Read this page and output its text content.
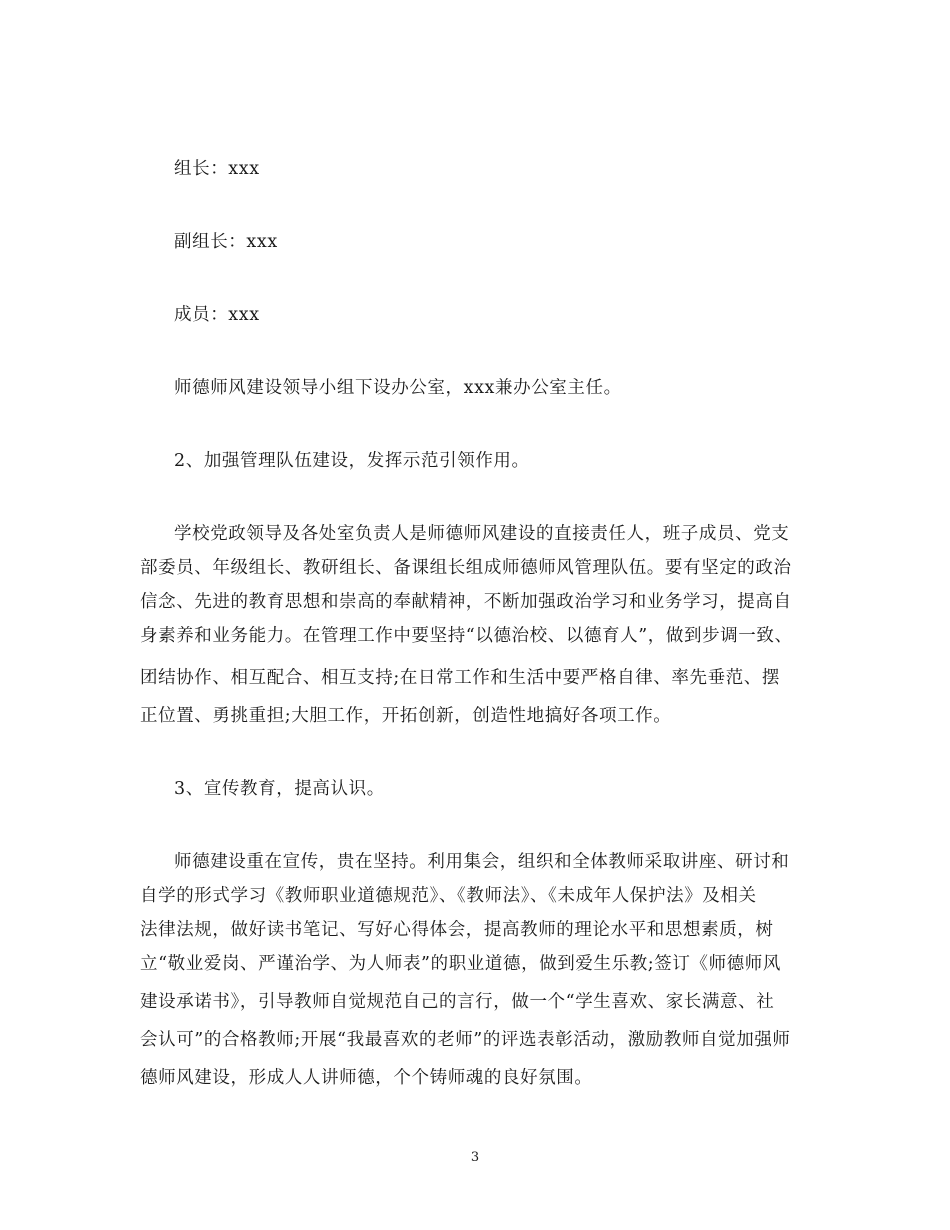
组长：xxx
副组长：xxx
成员：xxx
师德师风建设领导小组下设办公室，xxx兼办公室主任。
2、加强管理队伍建设，发挥示范引领作用。
学校党政领导及各处室负责人是师德师风建设的直接责任人，班子成员、党支
部委员、年级组长、教研组长、备课组长组成师德师风管理队伍。要有坚定的政治
信念、先进的教育思想和崇高的奉献精神，不断加强政治学习和业务学习，提高自
身素养和业务能力。在管理工作中要坚持“以德治校、以德育人”，做到步调一致、
团结协作、相互配合、相互支持;在日常工作和生活中要严格自律、率先垂范、摆
正位置、勇挑重担;大胆工作，开拓创新，创造性地搞好各项工作。
3、宣传教育，提高认识。
师德建设重在宣传，贵在坚持。利用集会，组织和全体教师采取讲座、研讨和
自学的形式学习《教师职业道德规范》、《教师法》、《未成年人保护法》及相关
法律法规，做好读书笔记、写好心得体会，提高教师的理论水平和思想素质，树
立“敬业爱岗、严谨治学、为人师表”的职业道德，做到爱生乐教;签订《师德师风
建设承诺书》，引导教师自觉规范自己的言行，做一个“学生喜欢、家长满意、社
会认可”的合格教师;开展“我最喜欢的老师”的评选表彰活动，激励教师自觉加强师
德师风建设，形成人人讲师德，个个铸师魂的良好氛围。
3
